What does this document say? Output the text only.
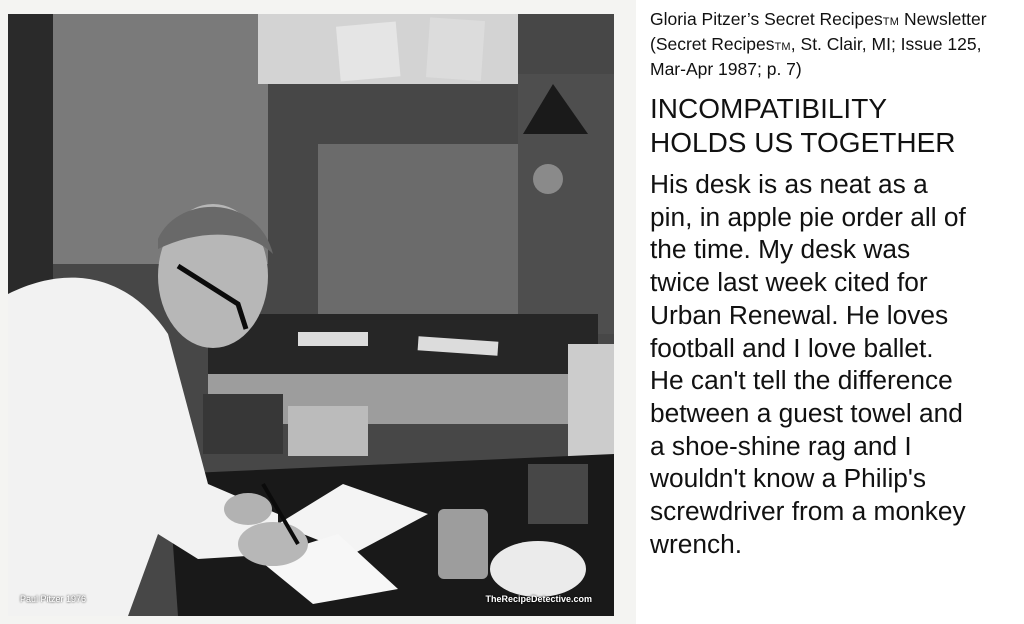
Paul Pitzer 1976	TheRecipeDetective.com
Gloria Pitzer’s Secret RecipesTM Newsletter (Secret RecipesTM, St. Clair, MI; Issue 125, Mar-Apr 1987; p. 7)
INCOMPATIBILITY
HOLDS US TOGETHER
His desk is as neat as a
pin, in apple pie order all of
the time. My desk was
twice last week cited for
Urban Renewal. He loves
football and I love ballet.
He can't tell the difference
between a guest towel and
a shoe-shine rag and I
wouldn't know a Philip's
screwdriver from a monkey
wrench.
